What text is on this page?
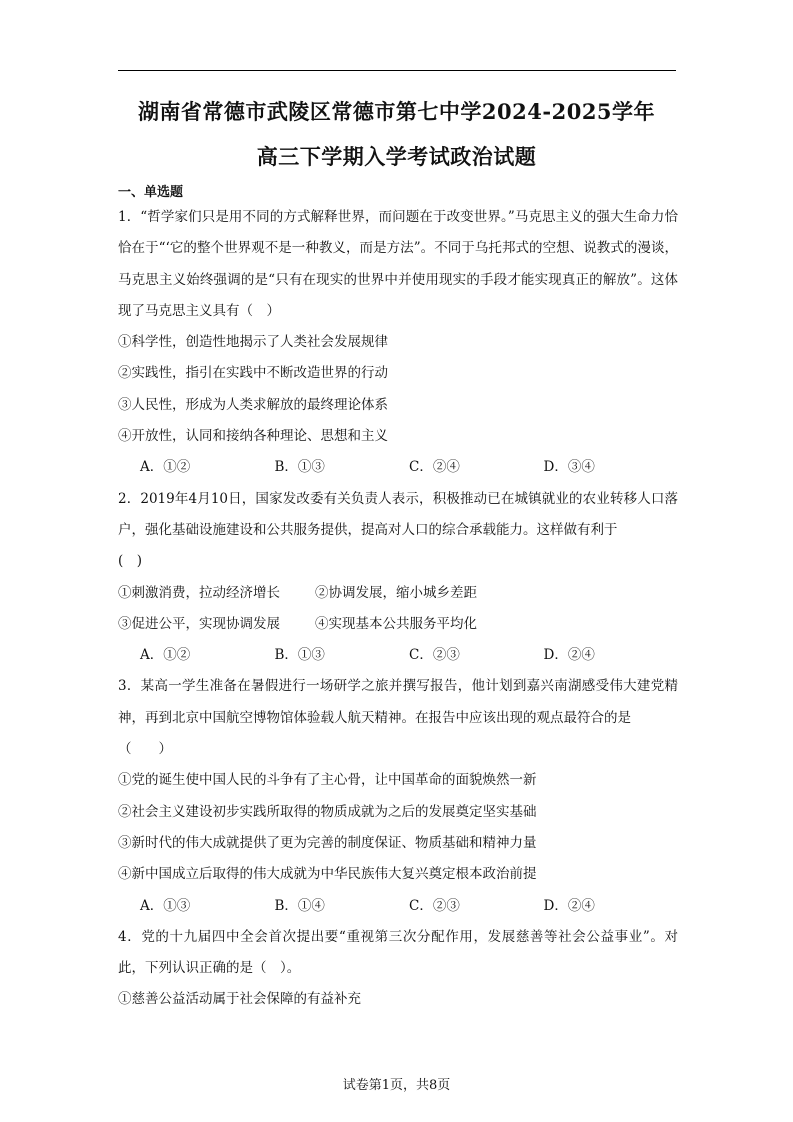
湖南省常德市武陵区常德市第七中学2024-2025学年
高三下学期入学考试政治试题
一、单选题
1．“哲学家们只是用不同的方式解释世界，而问题在于改变世界。”马克思主义的强大生命力恰恰在于“‘它的整个世界观不是一种教义，而是方法”。不同于乌托邦式的空想、说教式的漫谈，马克思主义始终强调的是“只有在现实的世界中并使用现实的手段才能实现真正的解放”。这体现了马克思主义具有（　）
①科学性，创造性地揭示了人类社会发展规律
②实践性，指引在实践中不断改造世界的行动
③人民性，形成为人类求解放的最终理论体系
④开放性，认同和接纳各种理论、思想和主义
A．①②	B．①③	C．②④	D．③④
2．2019年4月10日，国家发改委有关负责人表示，积极推动已在城镇就业的农业转移人口落户，强化基础设施建设和公共服务提供，提高对人口的综合承载能力。这样做有利于
(　)
①刺激消费，拉动经济增长	②协调发展，缩小城乡差距
③促进公平，实现协调发展	④实现基本公共服务平均化
A．①②	B．①③	C．②③	D．②④
3．某高一学生准备在暑假进行一场研学之旅并撰写报告，他计划到嘉兴南湖感受伟大建党精神，再到北京中国航空博物馆体验载人航天精神。在报告中应该出现的观点最符合的是
（　　）
①党的诞生使中国人民的斗争有了主心骨，让中国革命的面貌焕然一新
②社会主义建设初步实践所取得的物质成就为之后的发展奠定坚实基础
③新时代的伟大成就提供了更为完善的制度保证、物质基础和精神力量
④新中国成立后取得的伟大成就为中华民族伟大复兴奠定根本政治前提
A．①③	B．①④	C．②③	D．②④
4．党的十九届四中全会首次提出要“重视第三次分配作用，发展慈善等社会公益事业”。对此，下列认识正确的是（　）。
①慈善公益活动属于社会保障的有益补充
试卷第1页，共8页
